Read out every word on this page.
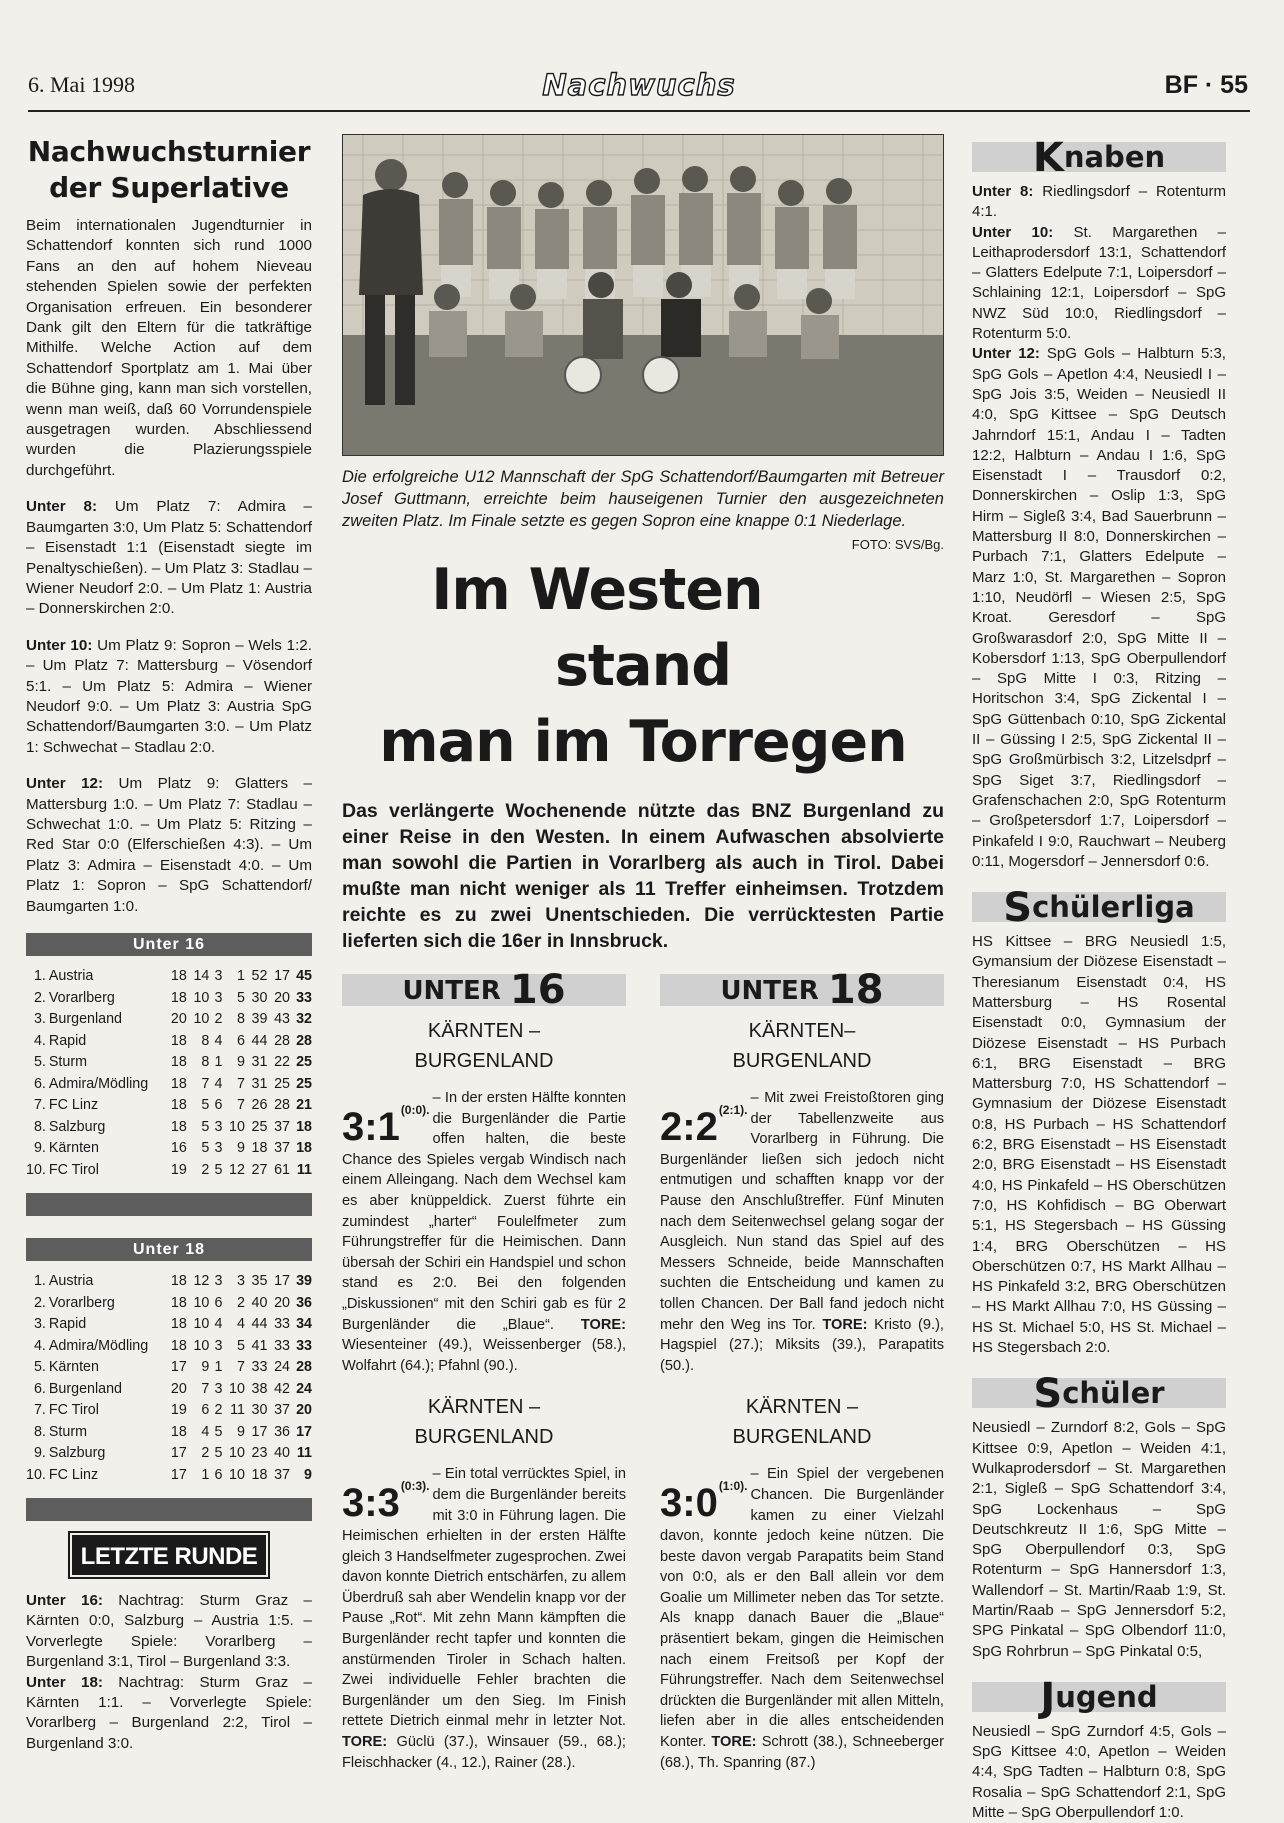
6. Mai 1998	Nachwuchs	BF · 55
Nachwuchsturnier der Superlative

Beim internationalen Jugendturnier in Schattendorf konnten sich rund 1000 Fans an den auf hohem Nieveau stehenden Spielen sowie der perfekten Organisation erfreuen. Ein besonderer Dank gilt den Eltern für die tatkräftige Mithilfe. Welche Action auf dem Schattendorf Sportplatz am 1. Mai über die Bühne ging, kann man sich vorstellen, wenn man weiß, daß 60 Vorrundenspiele ausgetragen wurden. Abschliessend wurden die Plazierungsspiele durchgeführt.

Unter 8: Um Platz 7: Admira – Baumgarten 3:0, Um Platz 5: Schattendorf – Eisenstadt 1:1 (Eisenstadt siegte im Penaltyschießen). – Um Platz 3: Stadlau – Wiener Neudorf 2:0. – Um Platz 1: Austria – Donnerskirchen 2:0.

Unter 10: Um Platz 9: Sopron – Wels 1:2. – Um Platz 7: Mattersburg – Vösendorf 5:1. – Um Platz 5: Admira – Wiener Neudorf 9:0. – Um Platz 3: Austria SpG Schattendorf/Baumgarten 3:0. – Um Platz 1: Schwechat – Stadlau 2:0.

Unter 12: Um Platz 9: Glatters – Mattersburg 1:0. – Um Platz 7: Stadlau – Schwechat 1:0. – Um Platz 5: Ritzing – Red Star 0:0 (Elferschießen 4:3). – Um Platz 3: Admira – Eisenstadt 4:0. – Um Platz 1: Sopron – SpG Schattendorf/ Baumgarten 1:0.

Unter 16
1.	Austria	18	14	3	1	52	17	45
2.	Vorarlberg	18	10	3	5	30	20	33
3.	Burgenland	20	10	2	8	39	43	32
4.	Rapid	18	8	4	6	44	28	28
5.	Sturm	18	8	1	9	31	22	25
6.	Admira/Mödling	18	7	4	7	31	25	25
7.	FC Linz	18	5	6	7	26	28	21
8.	Salzburg	18	5	3	10	25	37	18
9.	Kärnten	16	5	3	9	18	37	18
10.	FC Tirol	19	2	5	12	27	61	11
Unter 18
1.	Austria	18	12	3	3	35	17	39
2.	Vorarlberg	18	10	6	2	40	20	36
3.	Rapid	18	10	4	4	44	33	34
4.	Admira/Mödling	18	10	3	5	41	33	33
5.	Kärnten	17	9	1	7	33	24	28
6.	Burgenland	20	7	3	10	38	42	24
7.	FC Tirol	19	6	2	11	30	37	20
8.	Sturm	18	4	5	9	17	36	17
9.	Salzburg	17	2	5	10	23	40	11
10.	FC Linz	17	1	6	10	18	37	9
LETZTE RUNDE

Unter 16: Nachtrag: Sturm Graz – Kärnten 0:0, Salzburg – Austria 1:5. – Vorverlegte Spiele: Vorarlberg – Burgenland 3:1, Tirol – Burgenland 3:3.

Unter 18: Nachtrag: Sturm Graz – Kärnten 1:1. – Vorverlegte Spiele: Vorarlberg – Burgenland 2:2, Tirol – Burgenland 3:0.

Die erfolgreiche U12 Mannschaft der SpG Schattendorf/Baumgarten mit Betreuer Josef Guttmann, erreichte beim hauseigenen Turnier den ausgezeichneten zweiten Platz. Im Finale setzte es gegen Sopron eine knappe 0:1 Niederlage.
FOTO: SVS/Bg.

Im Westen stand
man im Torregen

Das verlängerte Wochenende nützte das BNZ Burgenland zu einer Reise in den Westen. In einem Aufwaschen absolvierte man sowohl die Partien in Vorarlberg als auch in Tirol. Dabei mußte man nicht weniger als 11 Treffer einheimsen. Trotzdem reichte es zu zwei Unentschieden. Die verrücktesten Partie lieferten sich die 16er in Innsbruck.

UNTER 16
KÄRNTEN –
BURGENLAND

$3:1^{(0:0).}$
– In der ersten Hälfte konnten die Burgenländer die Partie offen halten, die beste Chance des Spieles vergab Windisch nach einem Alleingang. Nach dem Wechsel kam es aber knüppeldick. Zuerst führte ein zumindest „harter“ Foulelfmeter zum Führungstreffer für die Heimischen. Dann übersah der Schiri ein Handspiel und schon stand es 2:0. Bei den folgenden „Diskussionen“ mit den Schiri gab es für 2 Burgenländer die „Blaue“. TORE: Wiesenteiner (49.), Weissenberger (58.), Wolfahrt (64.); Pfahnl (90.).

KÄRNTEN –
BURGENLAND

$3:3^{(0:3).}$
– Ein total verrücktes Spiel, in dem die Burgenländer bereits mit 3:0 in Führung lagen. Die Heimischen erhielten in der ersten Hälfte gleich 3 Handselfmeter zugesprochen. Zwei davon konnte Dietrich entschärfen, zu allem Überdruß sah aber Wendelin knapp vor der Pause „Rot“. Mit zehn Mann kämpften die Burgenländer recht tapfer und konnten die anstürmenden Tiroler in Schach halten. Zwei individuelle Fehler brachten die Burgenländer um den Sieg. Im Finish rettete Dietrich einmal mehr in letzter Not. TORE: Güclü (37.), Winsauer (59., 68.); Fleischhacker (4., 12.), Rainer (28.).

UNTER 18
KÄRNTEN–
BURGENLAND

$2:2^{(2:1).}$
– Mit zwei Freistoßtoren ging der Tabellenzweite aus Vorarlberg in Führung. Die Burgenländer ließen sich jedoch nicht entmutigen und schafften knapp vor der Pause den Anschlußtreffer. Fünf Minuten nach dem Seitenwechsel gelang sogar der Ausgleich. Nun stand das Spiel auf des Messers Schneide, beide Mannschaften suchten die Entscheidung und kamen zu tollen Chancen. Der Ball fand jedoch nicht mehr den Weg ins Tor. TORE: Kristo (9.), Hagspiel (27.); Miksits (39.), Parapatits (50.).

KÄRNTEN –
BURGENLAND

$3:0^{(1:0).}$
– Ein Spiel der vergebenen Chancen. Die Burgenländer kamen zu einer Vielzahl davon, konnte jedoch keine nützen. Die beste davon vergab Parapatits beim Stand von 0:0, als er den Ball allein vor dem Goalie um Millimeter neben das Tor setzte. Als knapp danach Bauer die „Blaue“ präsentiert bekam, gingen die Heimischen nach einem Freitsoß per Kopf der Führungstreffer. Nach dem Seitenwechsel drückten die Burgenländer mit allen Mitteln, liefen aber in die alles entscheidenden Konter. TORE: Schrott (38.), Schneeberger (68.), Th. Spanring (87.)

Knaben

Unter 8: Riedlingsdorf – Rotenturm 4:1.

Unter 10: St. Margarethen – Leithaprodersdorf 13:1, Schattendorf – Glatters Edelpute 7:1, Loipersdorf – Schlaining 12:1, Loipersdorf – SpG NWZ Süd 10:0, Riedlingsdorf – Rotenturm 5:0.

Unter 12: SpG Gols – Halbturn 5:3, SpG Gols – Apetlon 4:4, Neusiedl I – SpG Jois 3:5, Weiden – Neusiedl II 4:0, SpG Kittsee – SpG Deutsch Jahrndorf 15:1, Andau I – Tadten 12:2, Halbturn – Andau I 1:6, SpG Eisenstadt I – Trausdorf 0:2, Donnerskirchen – Oslip 1:3, SpG Hirm – Sigleß 3:4, Bad Sauerbrunn – Mattersburg II 8:0, Donnerskirchen – Purbach 7:1, Glatters Edelpute – Marz 1:0, St. Margarethen – Sopron 1:10, Neudörfl – Wiesen 2:5, SpG Kroat. Geresdorf – SpG Großwarasdorf 2:0, SpG Mitte II – Kobersdorf 1:13, SpG Oberpullendorf – SpG Mitte I 0:3, Ritzing – Horitschon 3:4, SpG Zickental I – SpG Güttenbach 0:10, SpG Zickental II – Güssing I 2:5, SpG Zickental II – SpG Großmürbisch 3:2, Litzelsdprf – SpG Siget 3:7, Riedlingsdorf – Grafenschachen 2:0, SpG Rotenturm – Großpetersdorf 1:7, Loipersdorf – Pinkafeld I 9:0, Rauchwart – Neuberg 0:11, Mogersdorf – Jennersdorf 0:6.

Schülerliga

HS Kittsee – BRG Neusiedl 1:5, Gymansium der Diözese Eisenstadt – Theresianum Eisenstadt 0:4, HS Mattersburg – HS Rosental Eisenstadt 0:0, Gymnasium der Diözese Eisenstadt – HS Purbach 6:1, BRG Eisenstadt – BRG Mattersburg 7:0, HS Schattendorf – Gymnasium der Diözese Eisenstadt 0:8, HS Purbach – HS Schattendorf 6:2, BRG Eisenstadt – HS Eisenstadt 2:0, BRG Eisenstadt – HS Eisenstadt 4:0, HS Pinkafeld – HS Oberschützen 7:0, HS Kohfidisch – BG Oberwart 5:1, HS Stegersbach – HS Güssing 1:4, BRG Oberschützen – HS Oberschützen 0:7, HS Markt Allhau – HS Pinkafeld 3:2, BRG Oberschützen – HS Markt Allhau 7:0, HS Güssing – HS St. Michael 5:0, HS St. Michael – HS Stegersbach 2:0.

Schüler

Neusiedl – Zurndorf 8:2, Gols – SpG Kittsee 0:9, Apetlon – Weiden 4:1, Wulkaprodersdorf – St. Margarethen 2:1, Sigleß – SpG Schattendorf 3:4, SpG Lockenhaus – SpG Deutschkreutz II 1:6, SpG Mitte – SpG Oberpullendorf 0:3, SpG Rotenturm – SpG Hannersdorf 1:3, Wallendorf – St. Martin/Raab 1:9, St. Martin/Raab – SpG Jennersdorf 5:2, SPG Pinkatal – SpG Olbendorf 11:0, SpG Rohrbrun – SpG Pinkatal 0:5,

Jugend

Neusiedl – SpG Zurndorf 4:5, Gols – SpG Kittsee 4:0, Apetlon – Weiden 4:4, SpG Tadten – Halbturn 0:8, SpG Rosalia – SpG Schattendorf 2:1, SpG Mitte – SpG Oberpullendorf 1:0.
